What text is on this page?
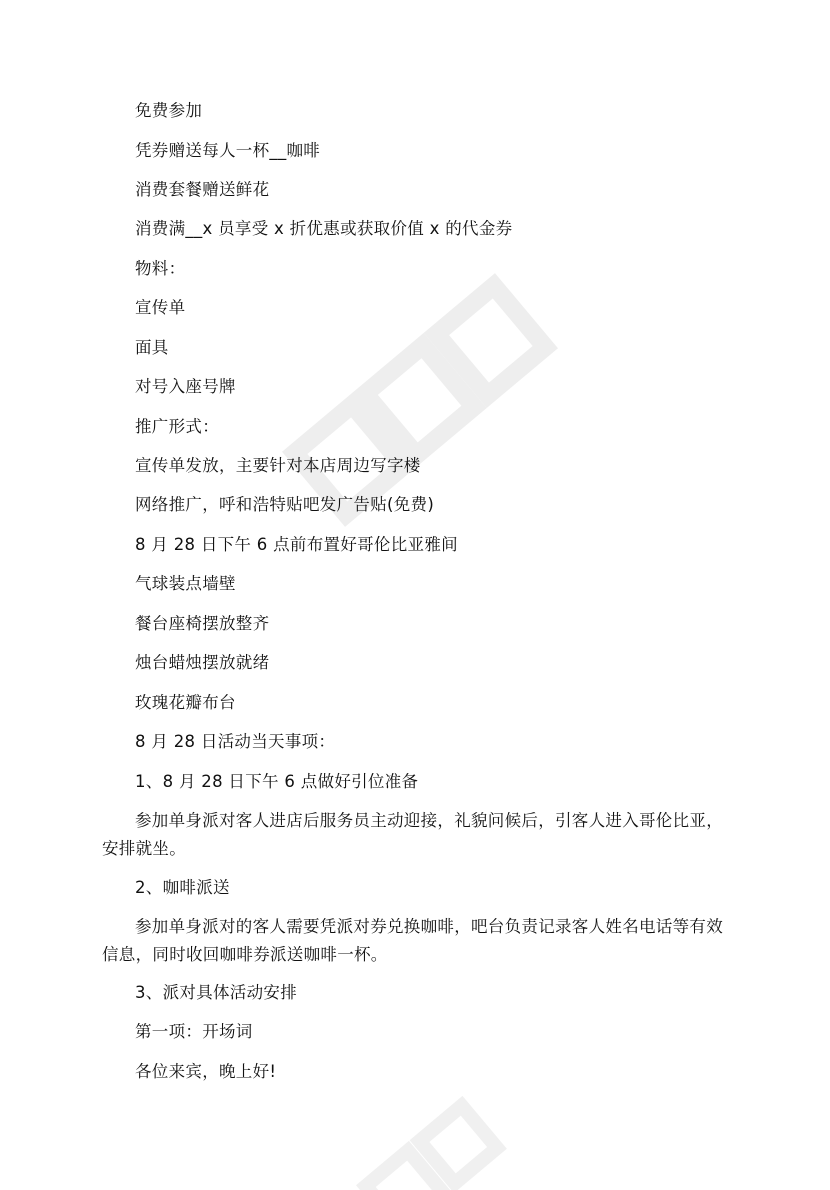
免费参加
凭券赠送每人一杯__咖啡
消费套餐赠送鲜花
消费满__x 员享受 x 折优惠或获取价值 x 的代金券
物料：
宣传单
面具
对号入座号牌
推广形式：
宣传单发放，主要针对本店周边写字楼
网络推广，呼和浩特贴吧发广告贴(免费)
8 月 28 日下午 6 点前布置好哥伦比亚雅间
气球装点墙壁
餐台座椅摆放整齐
烛台蜡烛摆放就绪
玫瑰花瓣布台
8 月 28 日活动当天事项：
1、8 月 28 日下午 6 点做好引位准备
参加单身派对客人进店后服务员主动迎接，礼貌问候后，引客人进入哥伦比亚，安排就坐。
2、咖啡派送
参加单身派对的客人需要凭派对券兑换咖啡，吧台负责记录客人姓名电话等有效信息，同时收回咖啡券派送咖啡一杯。
3、派对具体活动安排
第一项：开场词
各位来宾，晚上好!
